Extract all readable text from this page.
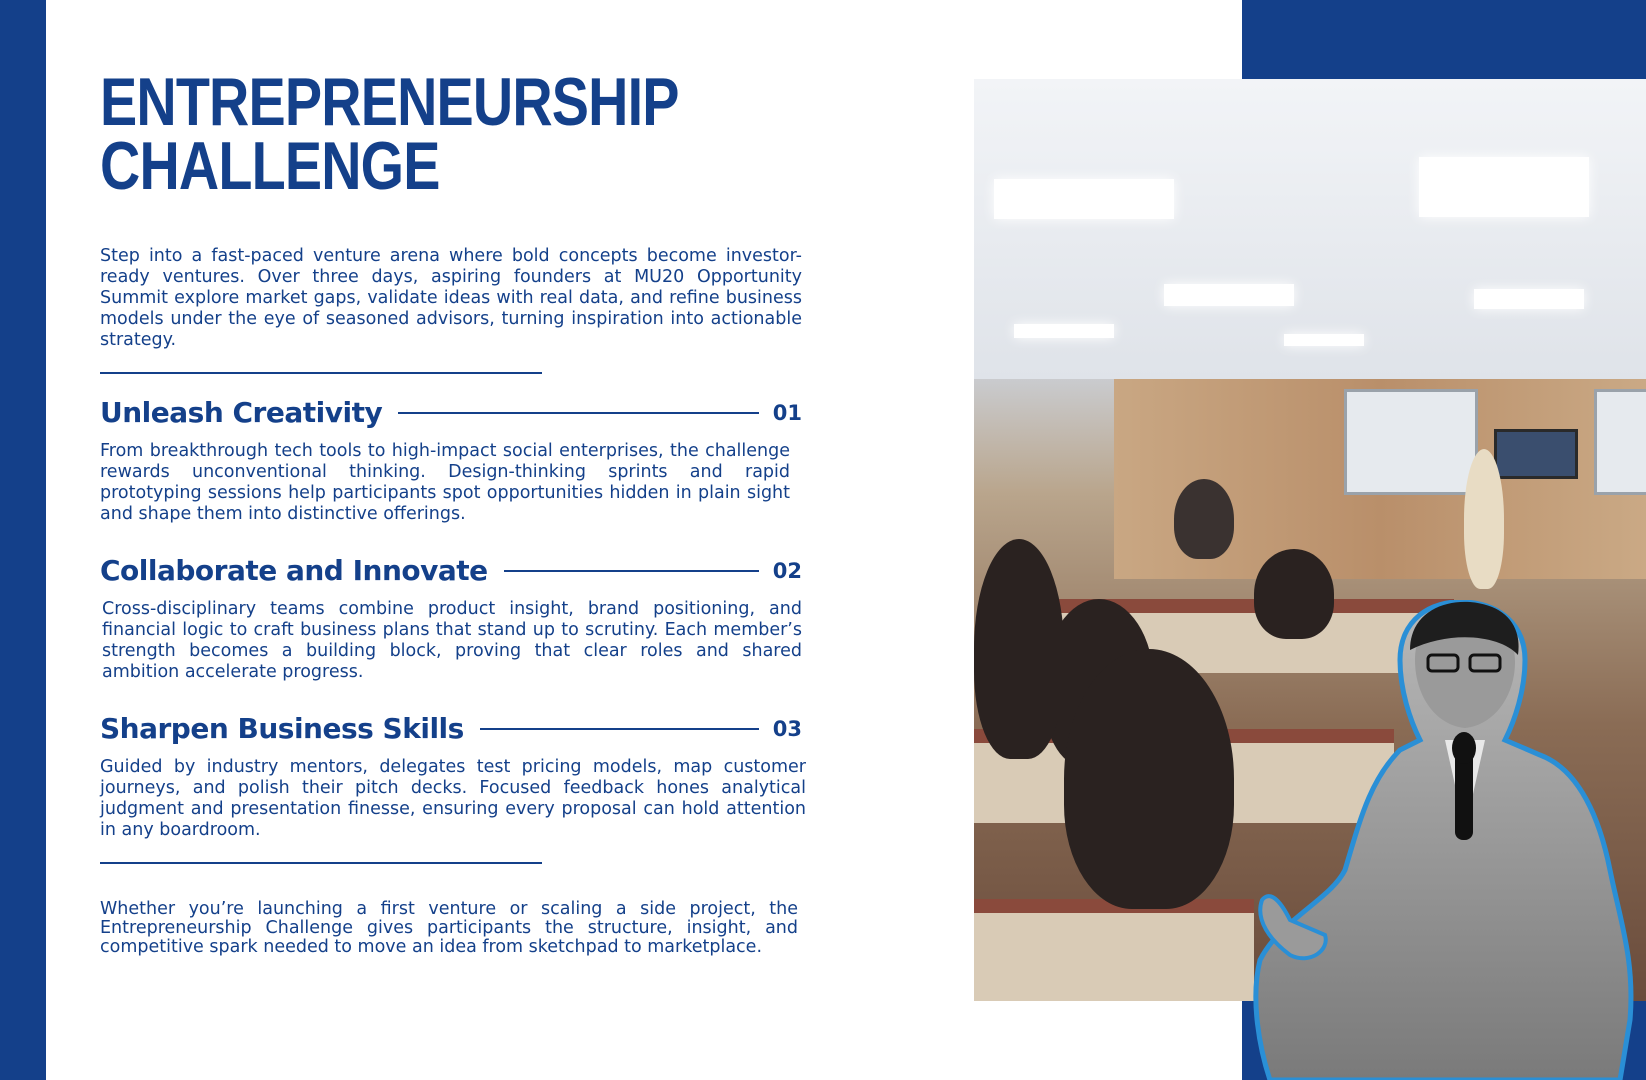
ENTREPRENEURSHIP
CHALLENGE

Step into a fast-paced venture arena where bold concepts become investor-ready ventures. Over three days, aspiring founders at MU20 Opportunity Summit explore market gaps, validate ideas with real data, and refine business models under the eye of seasoned advisors, turning inspiration into actionable strategy.

Unleash Creativity	01

From breakthrough tech tools to high-impact social enterprises, the challenge rewards unconventional thinking. Design-thinking sprints and rapid prototyping sessions help participants spot opportunities hidden in plain sight and shape them into distinctive offerings.

Collaborate and Innovate	02

Cross-disciplinary teams combine product insight, brand positioning, and financial logic to craft business plans that stand up to scrutiny. Each member’s strength becomes a building block, proving that clear roles and shared ambition accelerate progress.

Sharpen Business Skills	03

Guided by industry mentors, delegates test pricing models, map customer journeys, and polish their pitch decks. Focused feedback hones analytical judgment and presentation finesse, ensuring every proposal can hold attention in any boardroom.

Whether you’re launching a first venture or scaling a side project, the Entrepreneurship Challenge gives participants the structure, insight, and competitive spark needed to move an idea from sketchpad to marketplace.
